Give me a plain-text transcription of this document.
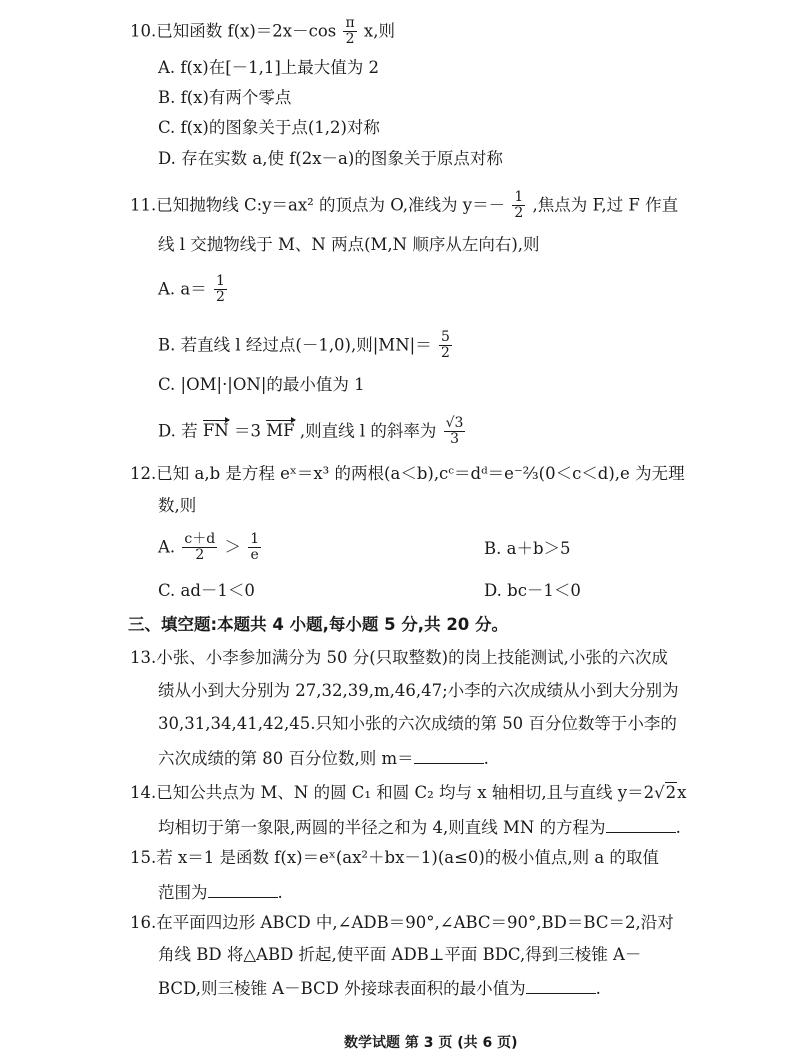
10.已知函数 $f(x)=2x-\cos \frac{\pi}{2} x$,则
A. f(x)在[－1,1]上最大值为 2
B. f(x)有两个零点
C. f(x)的图象关于点(1,2)对称
D. 存在实数 a,使 f(2x－a)的图象关于原点对称
11.已知抛物线 C:y＝ax² 的顶点为 O,准线为 $y=- \frac{1}{2}$ ,焦点为 F,过 F 作直
线 l 交抛物线于 M、N 两点(M,N 顺序从左向右),则
A. $a= \frac{1}{2}$
B. 若直线 l 经过点(－1,0),则$|MN|= \frac{5}{2}$
C. |OM|·|ON|的最小值为 1
D. 若 FN ＝3 MF ,则直线 l 的斜率为 $\frac{√3}{3}$
12.已知 a,b 是方程 eˣ＝x³ 的两根(a＜b),cᶜ＝dᵈ＝e⁻²⁄₃(0＜c＜d),e 为无理
数,则
A. $\frac{c+d}{2} > \frac{1}{e}$	B. a＋b＞5
C. ad－1＜0	D. bc－1＜0
三、填空题:本题共 4 小题,每小题 5 分,共 20 分。
13.小张、小李参加满分为 50 分(只取整数)的岗上技能测试,小张的六次成
绩从小到大分别为 27,32,39,m,46,47;小李的六次成绩从小到大分别为
30,31,34,41,42,45.只知小张的六次成绩的第 50 百分位数等于小李的
六次成绩的第 80 百分位数,则 m＝	.
14.已知公共点为 M、N 的圆 C₁ 和圆 C₂ 均与 x 轴相切,且与直线 y＝2√2x
均相切于第一象限,两圆的半径之和为 4,则直线 MN 的方程为	.
15.若 x＝1 是函数 f(x)＝eˣ(ax²＋bx－1)(a≤0)的极小值点,则 a 的取值
范围为	.
16.在平面四边形 ABCD 中,∠ADB＝90°,∠ABC＝90°,BD＝BC＝2,沿对
角线 BD 将△ABD 折起,使平面 ADB⊥平面 BDC,得到三棱锥 A－
BCD,则三棱锥 A－BCD 外接球表面积的最小值为	.
数学试题 第 3 页 (共 6 页)
